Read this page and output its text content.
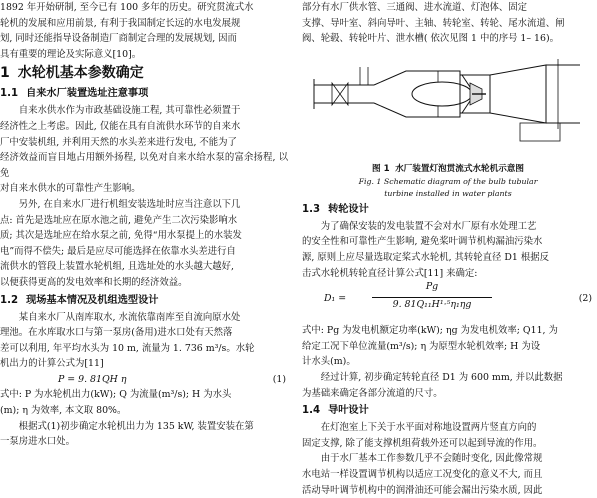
1892 年开始研制, 至今已有 100 多年的历史。研究贯流式水

轮机的发展和应用前景, 有利于我国制定长远的水电发展规

划, 同时还能指导设备制造厂商制定合理的发展规划, 因而

具有重要的理论及实际意义[10]。

1 水轮机基本参数确定
1.1 自来水厂装置选址注意事项

自来水供水作为市政基础设施工程, 其可靠性必须置于

经济性之上考虑。因此, 仅能在具有自流供水环节的自来水

厂中安装机组, 并利用天然的水头差来进行发电, 不能为了

经济效益而盲目地占用额外扬程, 以免对自来水给水泵的富余扬程, 以免

对自来水供水的可靠性产生影响。

另外, 在自来水厂进行机组安装选址时应当注意以下几

点: 首先是选址应在原水池之前, 避免产生二次污染影响水

质; 其次是选址应在给水泵之前, 免得“用水泵提上的水装发

电”而得不偿失; 最后是应尽可能选择在依靠水头差进行自

流供水的管段上装置水轮机组, 且选址处的水头越大越好,

以便获得更高的发电效率和长期的经济效益。

1.2 现场基本情况及机组选型设计

某自来水厂从南库取水, 水流依靠南库至自流向原水处

理池。在水库取水口与第一泵房(备用)进水口处有天然落

差可以利用, 年平均水头为 10 m, 流量为 1. 736 m³/s。水轮

机出力的计算公式为[11]

P = 9. 81QH η	(1)

式中: P 为水轮机出力(kW); Q 为流量(m³/s); H 为水头

(m); η 为效率, 本文取 80%。

根据式(1)初步确定水轮机出力为 135 kW, 装置安装在第

一泵房进水口处。

部分有水厂供水管、三通阀、进水流道、灯泡体、固定

支撑、导叶室、斜向导叶、主轴、转轮室、转轮、尾水流道、闸

阀、轮毂、转轮叶片、泄水槽( 依次见图 1 中的序号 1– 16)。

图 1 水厂装置灯泡贯流式水轮机示意图
Fig. 1 Schematic diagram of the bulb tubular
turbine installed in water plants
1.3 转轮设计

为了确保安装的发电装置不会对水厂原有水处理工艺

的安全性和可靠性产生影响, 避免桨叶调节机构漏油污染水

源, 原则上应尽量选取定桨式水轮机, 其转轮直径 D1 根据反

击式水轮机转轮直径计算公式[11] 来确定:

D₁ =
Pg
9. 81Q₁₁H¹·⁵η₁ηg
(2)

式中: Pg 为发电机额定功率(kW); ηg 为发电机效率; Q11, 为

给定工况下单位流量(m³/s); η 为原型水轮机效率; H 为设

计水头(m)。

经过计算, 初步确定转轮直径 D1 为 600 mm, 并以此数据

为基础来确定各部分流道的尺寸。

1.4 导叶设计

在灯泡室上下关于水平面对称地设置两片竖直方向的

固定支撑, 除了能支撑机组荷载外还可以起到导流的作用。

由于水厂基本工作参数几乎不会随时变化, 因此像常规

水电站一样设置调节机构以适应工况变化的意义不大, 而且

活动导叶调节机构中的润滑油还可能会漏出污染水质, 因此
